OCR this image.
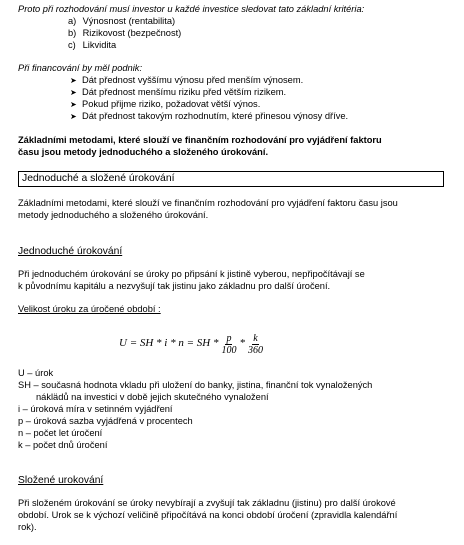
Proto při rozhodování musí investor u každé investice sledovat tato základní kritéria:
a) Výnosnost (rentabilita)
b) Rizikovost (bezpečnost)
c) Likvidita
Při financování by měl podnik:
➤ Dát přednost vyššímu výnosu před menším výnosem.
➤ Dát přednost menšímu riziku před větším rizikem.
➤ Pokud přijme riziko, požadovat větší výnos.
➤ Dát přednost takovým rozhodnutím, které přinesou výnosy dříve.
Základními metodami, které slouží ve finančním rozhodování pro vyjádření faktoru
času jsou metody jednoduchého a složeného úrokování.
Jednoduché a složené úrokování
Základními metodami, které slouží ve finančním rozhodování pro vyjádření faktoru času jsou
metody jednoduchého a složeného úrokování.
Jednoduché úrokování
Při jednoduchém úrokování se úroky po připsání k jistině vyberou, nepřipočítávají se
k původnímu kapitálu a nezvyšují tak jistinu jako základnu pro další úročení.
Velikost úroku za úročené období :
U = SH * i * n = SH * $\frac{p}{100} * \frac{k}{360}$
U – úrok
SH – současná hodnota vkladu při uložení do banky, jistina, finanční tok vynaložených
náklädů na investici v době jejich skutečného vynaložení
i – úroková míra v setinném vyjádření
p – úroková sazba vyjádřená v procentech
n – počet let úročení
k – počet dnů úročení
Složené urokování
Při složeném úrokování se úroky nevybírají a zvyšují tak základnu (jistinu) pro další úrokové
období. Urok se k výchozí veličině připočítává na konci období úročení (zpravidla kalendářní
rok).
